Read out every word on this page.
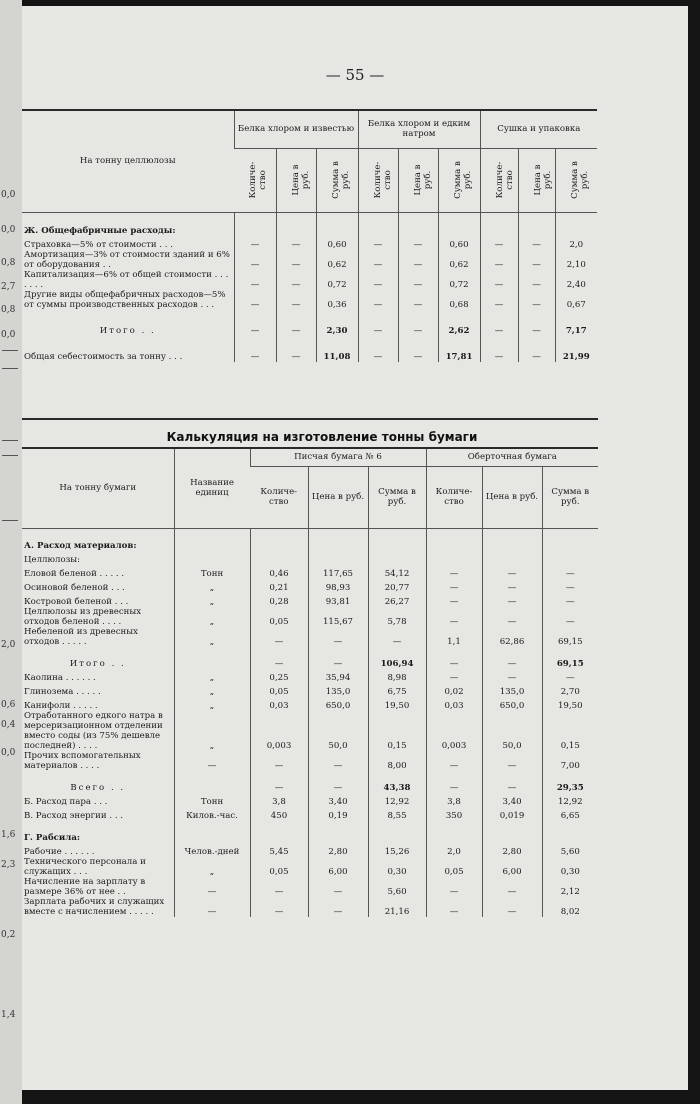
0,0
0,0
0,8
2,7
0,8
0,0
2,0
0,6
0,4
0,0
1,6
2,3
0,2
1,4
— 55 —
На тонну целлюлозы	Белка хлором и известью			Белка хлором и едким натром			Сушка и упаковка		
	Количе-ство	Цена в руб.	Сумма в руб.	Количе-ство	Цена в руб.	Сумма в руб.	Количе-ство	Цена в руб.	Сумма в руб.
Ж. Общефабричные расходы:									
Страховка—5% от стоимости . . .	—	—	0,60	—	—	0,60	—	—	2,0
Амортизация—3% от стоимости зданий и 6% от оборудования . .	—	—	0,62	—	—	0,62	—	—	2,10
Капитализация—6% от общей стоимости . . . . . . .	—	—	0,72	—	—	0,72	—	—	2,40
Другие виды общефабричных расходов—5% от суммы производственных расходов . . .	—	—	0,36	—	—	0,68	—	—	0,67
Итого . .	—	—	2,30	—	—	2,62	—	—	7,17
Общая себестоимость за тонну . . .	—	—	11,08	—	—	17,81	—	—	21,99
Калькуляция на изготовление тонны бумаги
На тонну бумаги	Название единиц	Писчая бумага № 6			Оберточная бумага		
		Количе-ство	Цена в руб.	Сумма в руб.	Количе-ство	Цена в руб.	Сумма в руб.
А. Расход материалов:							
Целлюлозы:							
Еловой беленой . . . . .	Тонн	0,46	117,65	54,12	—	—	—
Осиновой беленой . . .	„	0,21	98,93	20,77	—	—	—
Костровой беленой . . .	„	0,28	93,81	26,27	—	—	—
Целлюлозы из древесных отходов беленой . . . .	„	0,05	115,67	5,78	—	—	—
Небеленой из древесных отходов . . . . .	„	—	—	—	1,1	62,86	69,15
Итого . .		—	—	106,94	—	—	69,15
Каолина . . . . . .	„	0,25	35,94	8,98	—	—	—
Глинозема . . . . .	„	0,05	135,0	6,75	0,02	135,0	2,70
Канифоли . . . . .	„	0,03	650,0	19,50	0,03	650,0	19,50
Отработанного едкого натра в мерсеризационном отделении вместо соды (из 75% дешевле последней) . . . .	„	0,003	50,0	0,15	0,003	50,0	0,15
Прочих вспомогательных материалов . . . .	—	—	—	8,00	—	—	7,00
Всего . .		—	—	43,38	—	—	29,35
Б. Расход пара . . .	Тонн	3,8	3,40	12,92	3,8	3,40	12,92
В. Расход энергии . . .	Килов.-час.	450	0,19	8,55	350	0,019	6,65
Г. Рабсила:							
Рабочие . . . . . .	Челов.-дней	5,45	2,80	15,26	2,0	2,80	5,60
Технического персонала и служащих . . .	„	0,05	6,00	0,30	0,05	6,00	0,30
Начисление на зарплату в размере 36% от нее . .	—	—	—	5,60	—	—	2,12
Зарплата рабочих и служащих вместе с начислением . . . . .	—	—	—	21,16	—	—	8,02
